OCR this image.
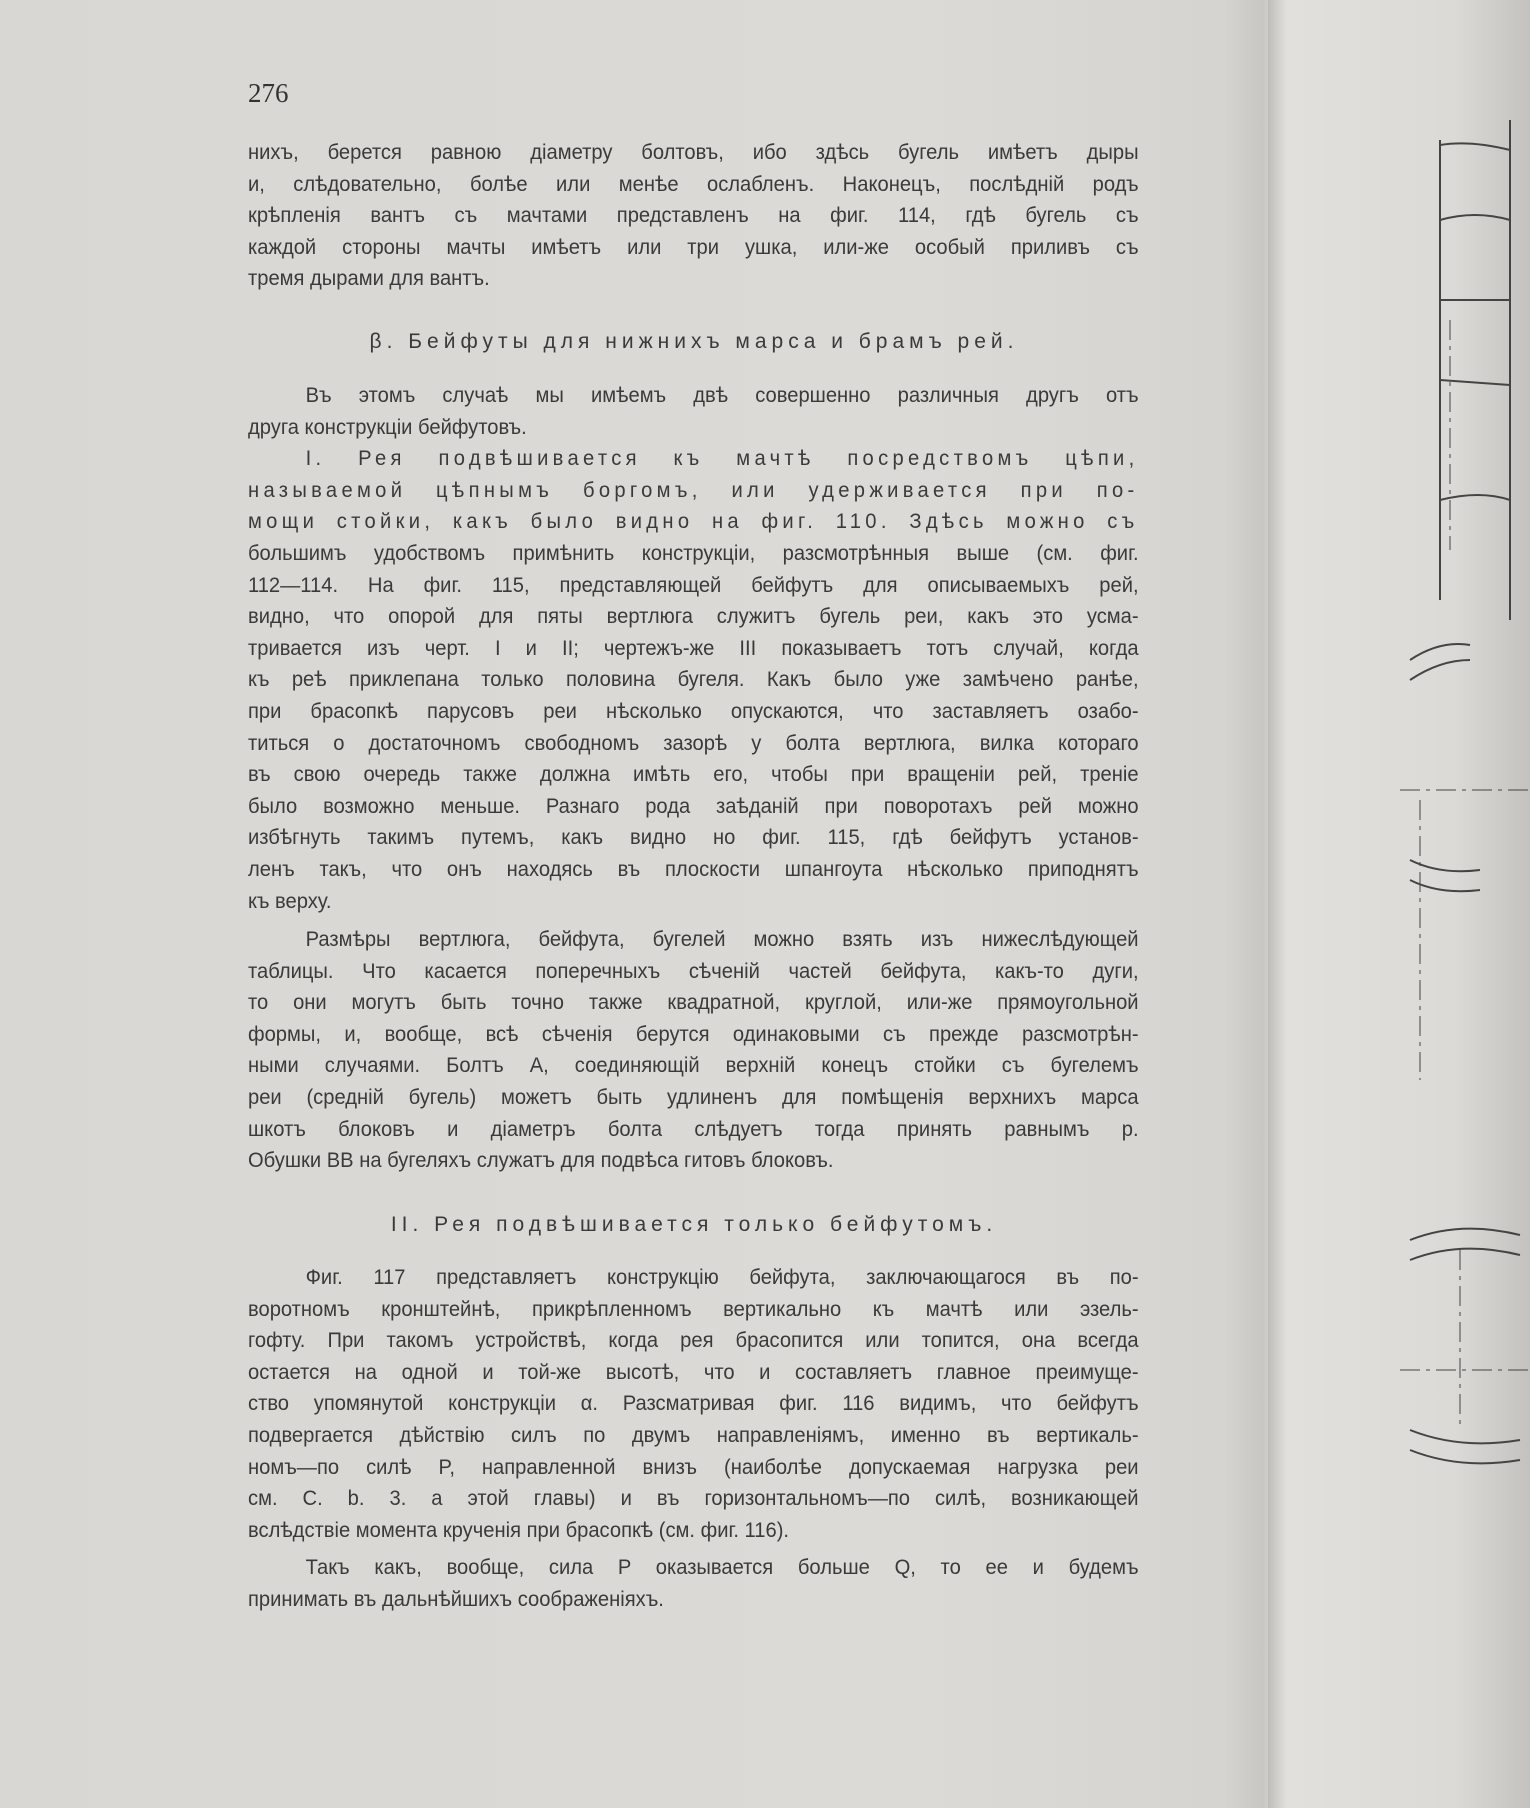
276
нихъ, берется равною діаметру болтовъ, ибо здѣсь бугель имѣетъ дыры
и, слѣдовательно, болѣе или менѣе ослабленъ. Наконецъ, послѣдній родъ
крѣпленія вантъ съ мачтами представленъ на фиг. 114, гдѣ бугель съ
каждой стороны мачты имѣетъ или три ушка, или-же особый приливъ съ
тремя дырами для вантъ.
β. Бейфуты для нижнихъ марса и брамъ рей.
Въ этомъ случаѣ мы имѣемъ двѣ совершенно различныя другъ отъ
друга конструкціи бейфутовъ.
I. Рея подвѣшивается къ мачтѣ посредствомъ цѣпи,
называемой цѣпнымъ боргомъ, или удерживается при по-
мощи стойки, какъ было видно на фиг. 110. Здѣсь можно съ
большимъ удобствомъ примѣнить конструкціи, разсмотрѣнныя выше (см. фиг.
112—114. На фиг. 115, представляющей бейфутъ для описываемыхъ рей,
видно, что опорой для пяты вертлюга служитъ бугель реи, какъ это усма-
тривается изъ черт. I и II; чертежъ-же III показываетъ тотъ случай, когда
къ реѣ приклепана только половина бугеля. Какъ было уже замѣчено ранѣе,
при брасопкѣ парусовъ реи нѣсколько опускаются, что заставляетъ озабо-
титься о достаточномъ свободномъ зазорѣ у болта вертлюга, вилка котораго
въ свою очередь также должна имѣть его, чтобы при вращеніи рей, треніе
было возможно меньше. Разнаго рода заѣданій при поворотахъ рей можно
избѣгнуть такимъ путемъ, какъ видно но фиг. 115, гдѣ бейфутъ установ-
ленъ такъ, что онъ находясь въ плоскости шпангоута нѣсколько приподнятъ
къ верху.
Размѣры вертлюга, бейфута, бугелей можно взять изъ нижеслѣдующей
таблицы. Что касается поперечныхъ сѣченій частей бейфута, какъ-то дуги,
то они могутъ быть точно также квадратной, круглой, или-же прямоугольной
формы, и, вообще, всѣ сѣченія берутся одинаковыми съ прежде разсмотрѣн-
ными случаями. Болтъ A, соединяющій верхній конецъ стойки съ бугелемъ
реи (средній бугель) можетъ быть удлиненъ для помѣщенія верхнихъ марса
шкотъ блоковъ и діаметръ болта слѣдуетъ тогда принять равнымъ p.
Обушки BB на бугеляхъ служатъ для подвѣса гитовъ блоковъ.
II. Рея подвѣшивается только бейфутомъ.
Фиг. 117 представляетъ конструкцію бейфута, заключающагося въ по-
воротномъ кронштейнѣ, прикрѣпленномъ вертикально къ мачтѣ или эзель-
гофту. При такомъ устройствѣ, когда рея брасопится или топится, она всегда
остается на одной и той-же высотѣ, что и составляетъ главное преимуще-
ство упомянутой конструкціи α. Разсматривая фиг. 116 видимъ, что бейфутъ
подвергается дѣйствію силъ по двумъ направленіямъ, именно въ вертикаль-
номъ—по силѣ P, направленной внизъ (наиболѣе допускаемая нагрузка реи
см. C. b. 3. a этой главы) и въ горизонтальномъ—по силѣ, возникающей
вслѣдствіе момента крученія при брасопкѣ (см. фиг. 116).
Такъ какъ, вообще, сила P оказывается больше Q, то ее и будемъ
принимать въ дальнѣйшихъ соображеніяхъ.
